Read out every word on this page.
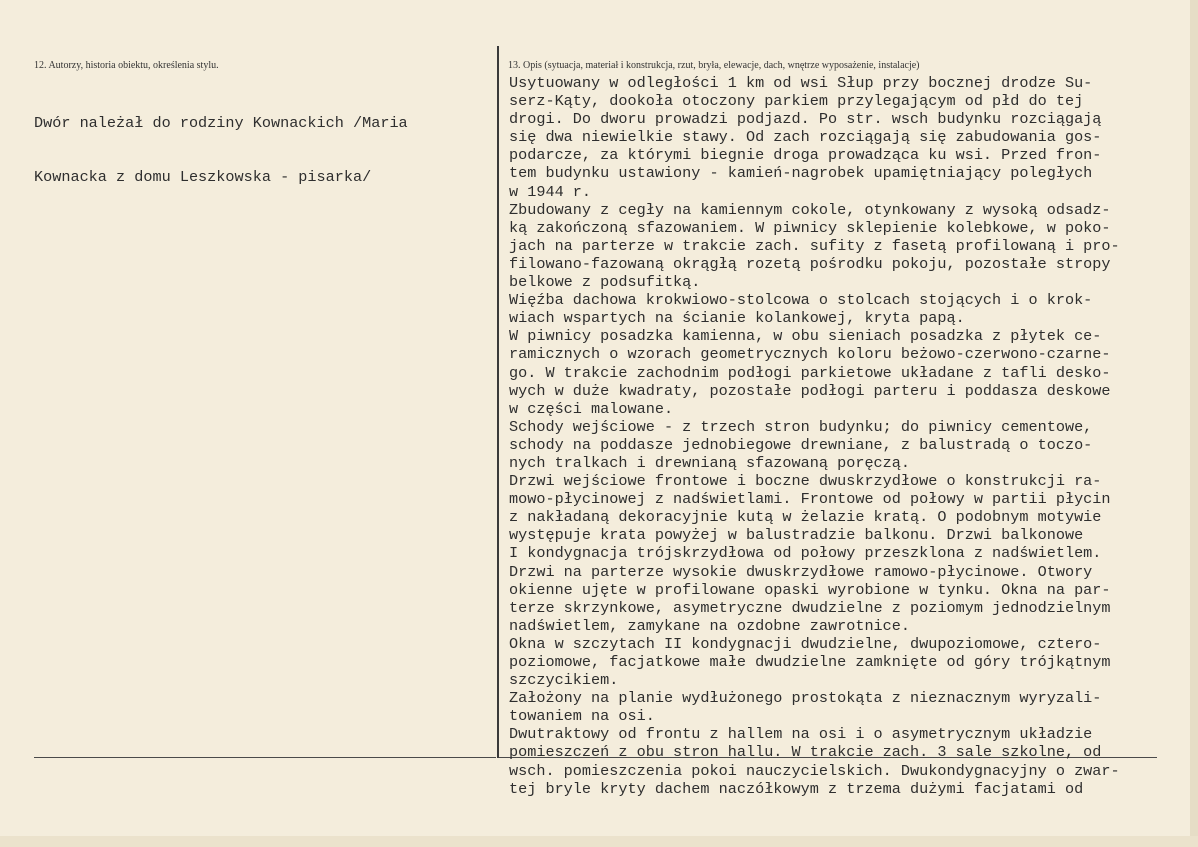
12. Autorzy, historia obiektu, określenia stylu.	13. Opis (sytuacja, materiał i konstrukcja, rzut, bryła, elewacje, dach, wnętrze wyposażenie, instalacje)

Dwór należał do rodziny Kownackich /Maria

Kownacka z domu Leszkowska - pisarka/

Usytuowany w odległości 1 km od wsi Słup przy bocznej drodze Su-
serz-Kąty, dookoła otoczony parkiem przylegającym od płd do tej
drogi. Do dworu prowadzi podjazd. Po str. wsch budynku rozciągają
się dwa niewielkie stawy. Od zach rozciągają się zabudowania gos-
podarcze, za którymi biegnie droga prowadząca ku wsi. Przed fron-
tem budynku ustawiony - kamień-nagrobek upamiętniający poległych
w 1944 r.
Zbudowany z cegły na kamiennym cokole, otynkowany z wysoką odsadz-
ką zakończoną sfazowaniem. W piwnicy sklepienie kolebkowe, w poko-
jach na parterze w trakcie zach. sufity z fasetą profilowaną i pro-
filowano-fazowaną okrągłą rozetą pośrodku pokoju, pozostałe stropy
belkowe z podsufitką.
Więźba dachowa krokwiowo-stolcowa o stolcach stojących i o krok-
wiach wspartych na ścianie kolankowej, kryta papą.
W piwnicy posadzka kamienna, w obu sieniach posadzka z płytek ce-
ramicznych o wzorach geometrycznych koloru beżowo-czerwono-czarne-
go. W trakcie zachodnim podłogi parkietowe układane z tafli desko-
wych w duże kwadraty, pozostałe podłogi parteru i poddasza deskowe
w części malowane.
Schody wejściowe - z trzech stron budynku; do piwnicy cementowe,
schody na poddasze jednobiegowe drewniane, z balustradą o toczo-
nych tralkach i drewnianą sfazowaną poręczą.
Drzwi wejściowe frontowe i boczne dwuskrzydłowe o konstrukcji ra-
mowo-płycinowej z nadświetlami. Frontowe od połowy w partii płycin
z nakładaną dekoracyjnie kutą w żelazie kratą. O podobnym motywie
występuje krata powyżej w balustradzie balkonu. Drzwi balkonowe
I kondygnacja trójskrzydłowa od połowy przeszklona z nadświetlem.
Drzwi na parterze wysokie dwuskrzydłowe ramowo-płycinowe. Otwory
okienne ujęte w profilowane opaski wyrobione w tynku. Okna na par-
terze skrzynkowe, asymetryczne dwudzielne z poziomym jednodzielnym
nadświetlem, zamykane na ozdobne zawrotnice.
Okna w szczytach II kondygnacji dwudzielne, dwupoziomowe, cztero-
poziomowe, facjatkowe małe dwudzielne zamknięte od góry trójkątnym
szczycikiem.
Założony na planie wydłużonego prostokąta z nieznacznym wyryzali-
towaniem na osi.
Dwutraktowy od frontu z hallem na osi i o asymetrycznym układzie
pomieszczeń z obu stron hallu. W trakcie zach. 3 sale szkolne, od
wsch. pomieszczenia pokoi nauczycielskich. Dwukondygnacyjny o zwar-
tej bryle kryty dachem naczółkowym z trzema dużymi facjatami od
